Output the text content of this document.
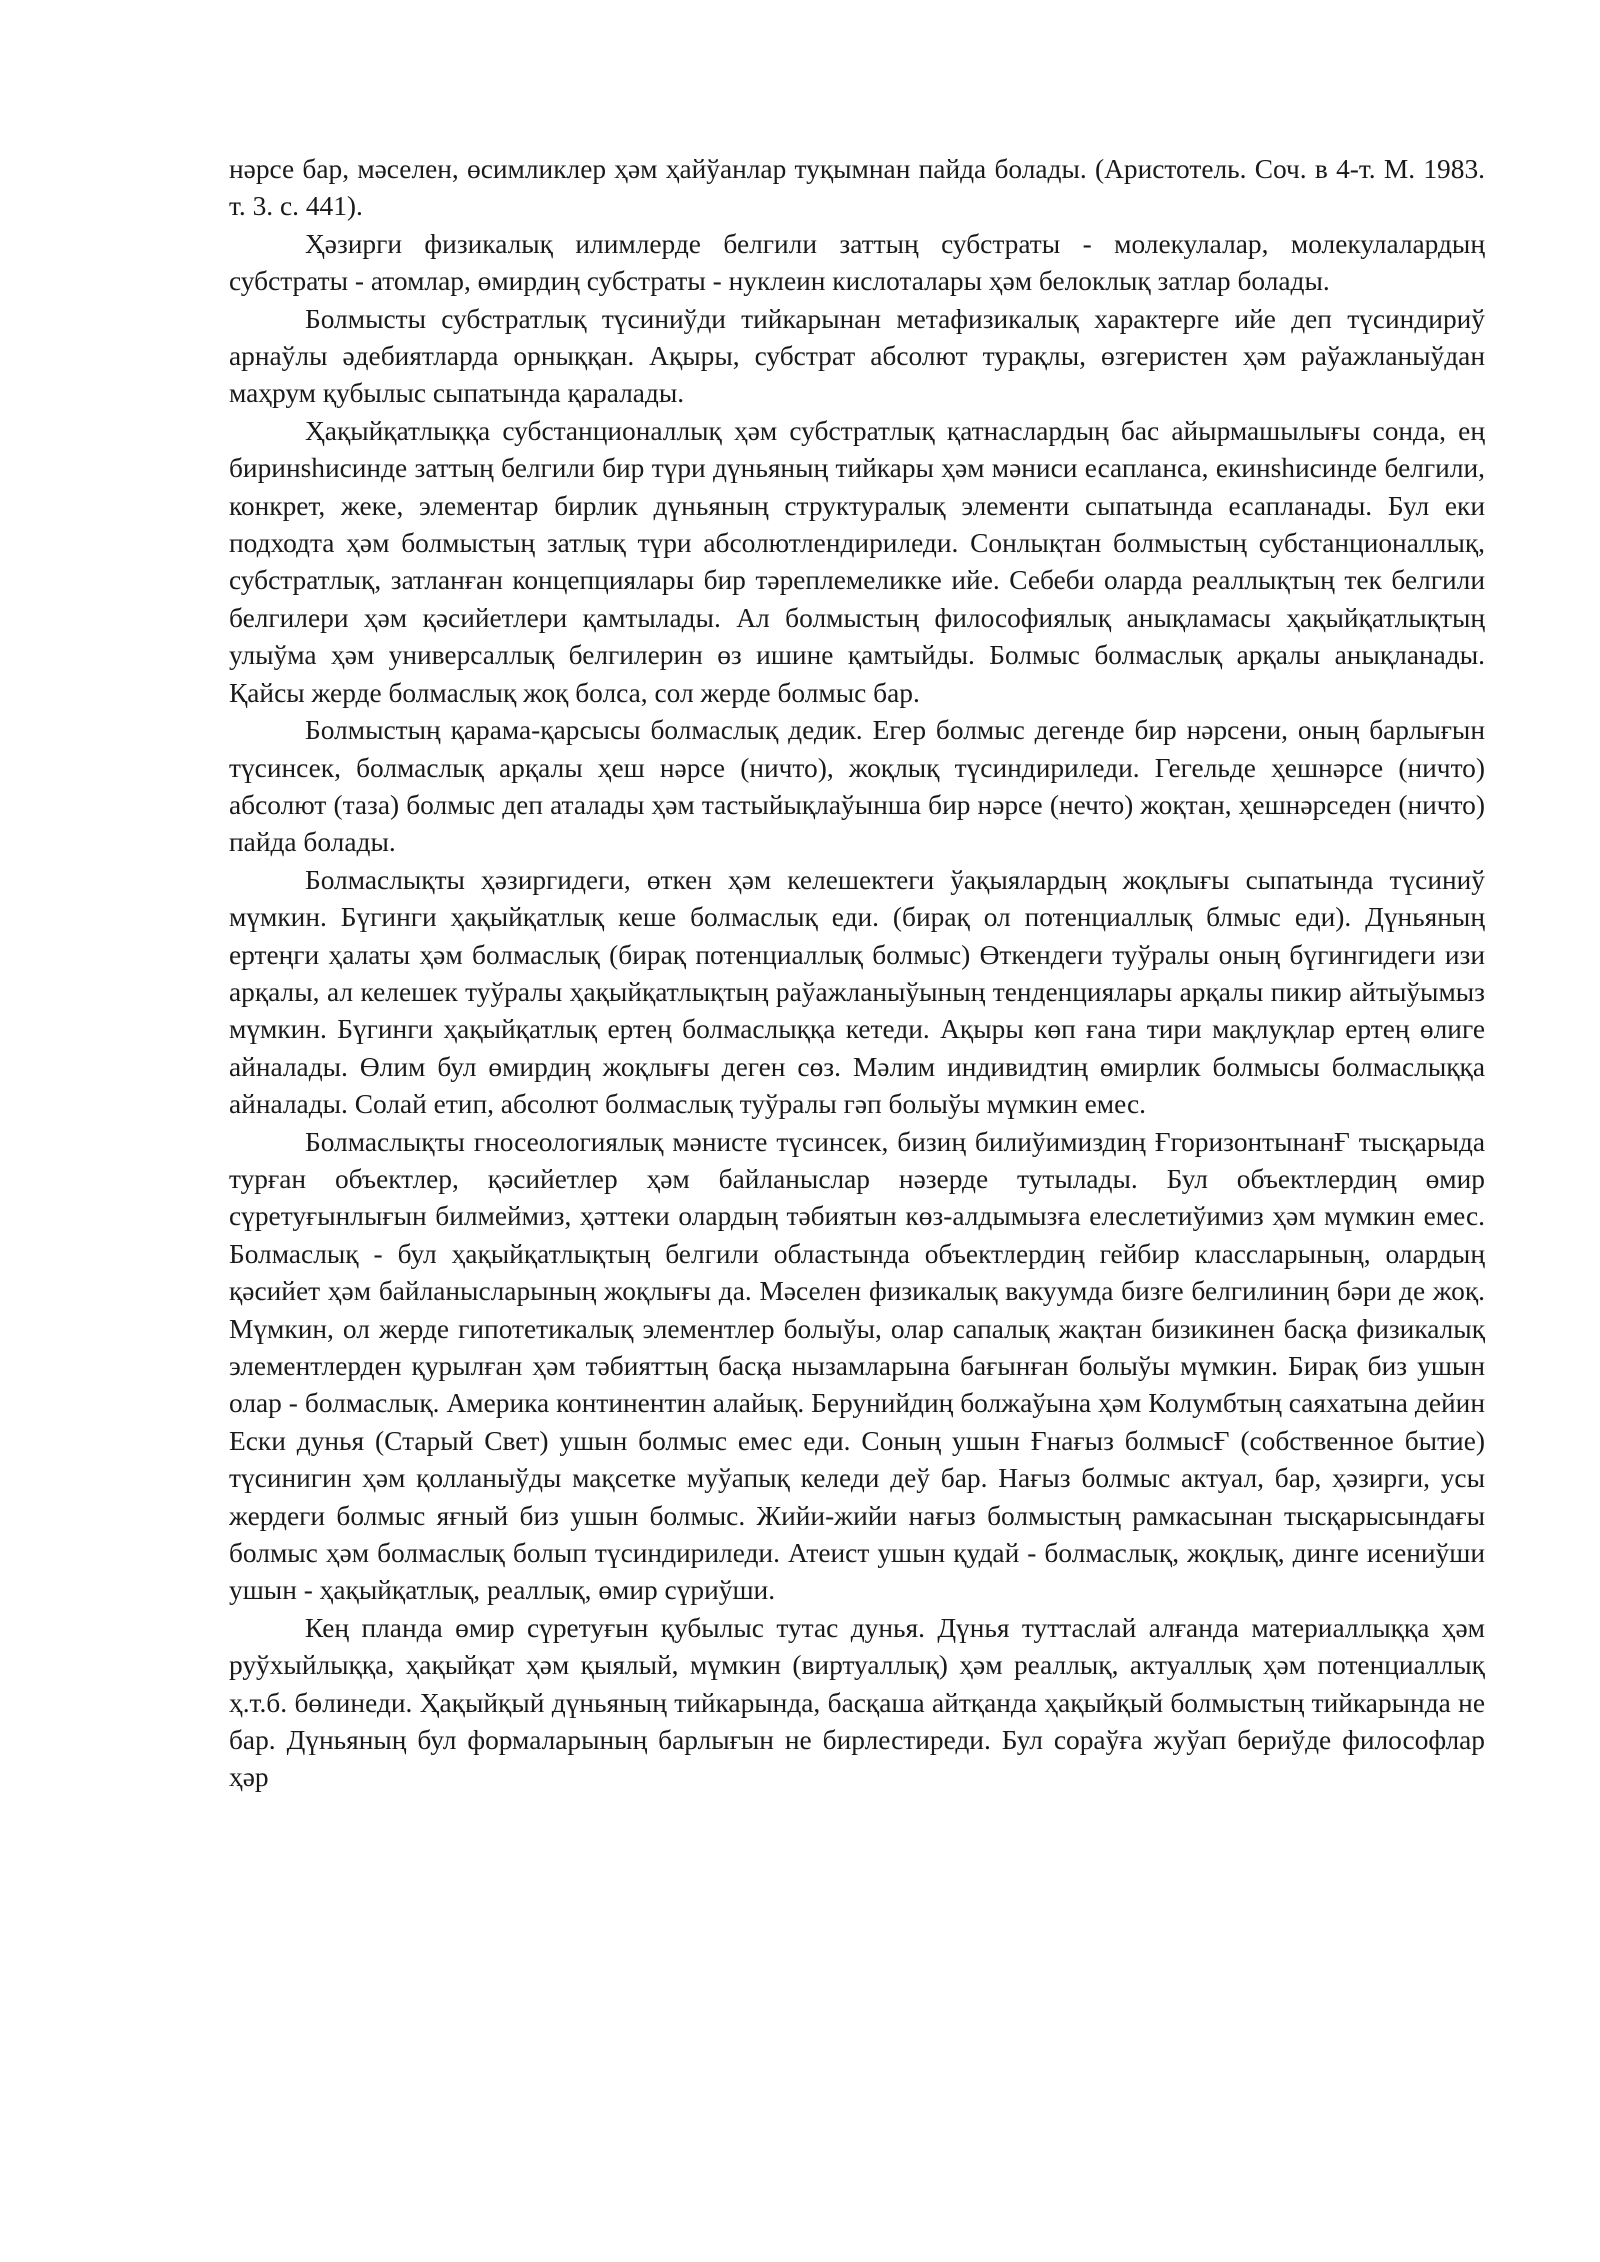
нәрсе бар, мәселен, өсимликлер ҳәм ҳайўанлар туқымнан пайда болады. (Аристотель. Соч. в 4-т. М. 1983. т. 3. с. 441).

Ҳәзирги физикалық илимлерде белгили заттың субстраты - молекулалар, молекулалардың субстраты - атомлар, өмирдиң субстраты - нуклеин кислоталары ҳәм белоклық затлар болады.

Болмысты субстратлық түсиниўди тийкарынан метафизикалық характерге ийе деп түсиндириў арнаўлы әдебиятларда орныққан. Ақыры, субстрат абсолют турақлы, өзгеристен ҳәм раўажланыўдан маҳрум қубылыс сыпатында қаралады.

Ҳақыйқатлыққа субстанционаллық ҳәм субстратлық қатнаслардың бас айырмашылығы сонда, ең биринshисинде заттың белгили бир түри дүньяның тийкары ҳәм мәниси есапланса, екинshисинде белгили, конкрет, жеке, элементар бирлик дүньяның структуралық элементи сыпатында есапланады. Бул еки подходта ҳәм болмыстың затлық түри абсолютлендириледи. Сонлықтан болмыстың субстанционаллық, субстратлық, затланған концепциялары бир тәреплемеликке ийе. Себеби оларда реаллықтың тек белгили белгилери ҳәм қәсийетлери қамтылады. Ал болмыстың философиялық анықламасы ҳақыйқатлықтың улыўма ҳәм универсаллық белгилерин өз ишине қамтыйды. Болмыс болмаслық арқалы анықланады. Қайсы жерде болмаслық жоқ болса, сол жерде болмыс бар.

Болмыстың қарама-қарсысы болмаслық дедик. Егер болмыс дегенде бир нәрсени, оның барлығын түсинсек, болмаслық арқалы ҳеш нәрсе (ничто), жоқлық түсиндириледи. Гегельде ҳешнәрсе (ничто) абсолют (таза) болмыс деп аталады ҳәм тастыйықлаўынша бир нәрсе (нечто) жоқтан, ҳешнәрседен (ничто) пайда болады.

Болмаслықты ҳәзиргидеги, өткен ҳәм келешектеги ўақыялардың жоқлығы сыпатында түсиниў мүмкин. Бүгинги ҳақыйқатлық кеше болмаслық еди. (бирақ ол потенциаллық блмыс еди). Дүньяның ертеңги ҳалаты ҳәм болмаслық (бирақ потенциаллық болмыс) Өткендеги туўралы оның бүгингидеги изи арқалы, ал келешек туўралы ҳақыйқатлықтың раўажланыўының тенденциялары арқалы пикир айтыўымыз мүмкин. Бүгинги ҳақыйқатлық ертең болмаслыққа кетеди. Ақыры көп ғана тири мақлуқлар ертең өлиге айналады. Өлим бул өмирдиң жоқлығы деген сөз. Мәлим индивидтиң өмирлик болмысы болмаслыққа айналады. Солай етип, абсолют болмаслық туўралы гәп болыўы мүмкин емес.

Болмаслықты гносеологиялық мәнисте түсинсек, бизиң билиўимиздиң ҒгоризонтынанҒ тысқарыда турған объектлер, қәсийетлер ҳәм байланыслар нәзерде тутылады. Бул объектлердиң өмир сүретуғынлығын билмеймиз, ҳәттеки олардың тәбиятын көз-алдымызға елеслетиўимиз ҳәм мүмкин емес. Болмаслық - бул ҳақыйқатлықтың белгили областында объектлердиң гейбир классларының, олардың қәсийет ҳәм байланысларының жоқлығы да. Мәселен физикалық вакуумда бизге белгилиниң бәри де жоқ. Мүмкин, ол жерде гипотетикалық элементлер болыўы, олар сапалық жақтан бизикинен басқа физикалық элементлерден қурылған ҳәм тәбияттың басқа нызамларына бағынған болыўы мүмкин. Бирақ биз ушын олар - болмаслық. Америка континентин алайық. Берунийдиң болжаўына ҳәм Колумбтың саяхатына дейин Ески дунья (Старый Свет) ушын болмыс емес еди. Соның ушын Ғнағыз болмысҒ (собственное бытие) түсинигин ҳәм қолланыўды мақсетке муўапық келеди деў бар. Нағыз болмыс актуал, бар, ҳәзирги, усы жердеги болмыс яғный биз ушын болмыс. Жийи-жийи нағыз болмыстың рамкасынан тысқарысындағы болмыс ҳәм болмаслық болып түсиндириледи. Атеист ушын қудай - болмаслық, жоқлық, динге исениўши ушын - ҳақыйқатлық, реаллық, өмир сүриўши.

Кең планда өмир сүретуғын қубылыс тутас дунья. Дүнья туттаслай алғанда материаллыққа ҳәм руўхыйлыққа, ҳақыйқат ҳәм қыялый, мүмкин (виртуаллық) ҳәм реаллық, актуаллық ҳәм потенциаллық ҳ.т.б. бөлинеди. Ҳақыйқый дүньяның тийкарында, басқаша айтқанда ҳақыйқый болмыстың тийкарында не бар. Дүньяның бул формаларының барлығын не бирлестиреди. Бул сораўға жуўап бериўде философлар ҳәр
